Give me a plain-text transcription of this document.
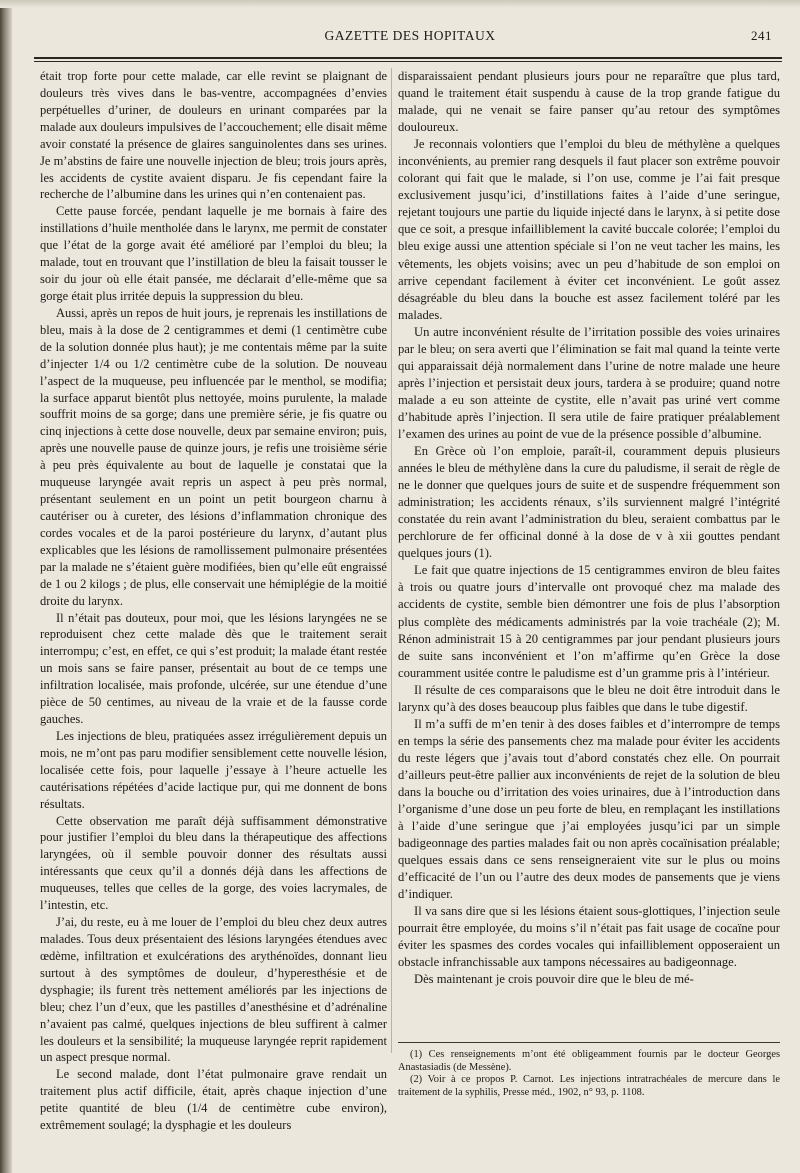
GAZETTE DES HOPITAUX	241

était trop forte pour cette malade, car elle revint se plaignant de douleurs très vives dans le bas-ventre, accompagnées d’envies perpétuelles d’uriner, de douleurs en urinant comparées par la malade aux douleurs impulsives de l’accouchement; elle disait même avoir constaté la présence de glaires sanguinolentes dans ses urines. Je m’abstins de faire une nouvelle injection de bleu; trois jours après, les accidents de cystite avaient disparu. Je fis cependant faire la recherche de l’albumine dans les urines qui n’en contenaient pas.

Cette pause forcée, pendant laquelle je me bornais à faire des instillations d’huile mentholée dans le larynx, me permit de constater que l’état de la gorge avait été amélioré par l’emploi du bleu; la malade, tout en trouvant que l’instillation de bleu la faisait tousser le soir du jour où elle était pansée, me déclarait d’elle-même que sa gorge était plus irritée depuis la suppression du bleu.

Aussi, après un repos de huit jours, je reprenais les instillations de bleu, mais à la dose de 2 centigrammes et demi (1 centimètre cube de la solution donnée plus haut); je me contentais même par la suite d’injecter 1/4 ou 1/2 centimètre cube de la solution. De nouveau l’aspect de la muqueuse, peu influencée par le menthol, se modifia; la surface apparut bientôt plus nettoyée, moins purulente, la malade souffrit moins de sa gorge; dans une première série, je fis quatre ou cinq injections à cette dose nouvelle, deux par semaine environ; puis, après une nouvelle pause de quinze jours, je refis une troisième série à peu près équivalente au bout de laquelle je constatai que la muqueuse laryngée avait repris un aspect à peu près normal, présentant seulement en un point un petit bourgeon charnu à cautériser ou à cureter, des lésions d’inflammation chronique des cordes vocales et de la paroi postérieure du larynx, d’autant plus explicables que les lésions de ramollissement pulmonaire présentées par la malade ne s’étaient guère modifiées, bien qu’elle eût engraissé de 1 ou 2 kilogs ; de plus, elle conservait une hémiplégie de la moitié droite du larynx.

Il n’était pas douteux, pour moi, que les lésions laryngées ne se reproduisent chez cette malade dès que le traitement serait interrompu; c’est, en effet, ce qui s’est produit; la malade étant restée un mois sans se faire panser, présentait au bout de ce temps une infiltration localisée, mais profonde, ulcérée, sur une étendue d’une pièce de 50 centimes, au niveau de la vraie et de la fausse corde gauches.

Les injections de bleu, pratiquées assez irrégulièrement depuis un mois, ne m’ont pas paru modifier sensiblement cette nouvelle lésion, localisée cette fois, pour laquelle j’essaye à l’heure actuelle les cautérisations répétées d’acide lactique pur, qui me donnent de bons résultats.

Cette observation me paraît déjà suffisamment démonstrative pour justifier l’emploi du bleu dans la thérapeutique des affections laryngées, où il semble pouvoir donner des résultats aussi intéressants que ceux qu’il a donnés déjà dans les affections de muqueuses, telles que celles de la gorge, des voies lacrymales, de l’intestin, etc.

J’ai, du reste, eu à me louer de l’emploi du bleu chez deux autres malades. Tous deux présentaient des lésions laryngées étendues avec œdème, infiltration et exulcérations des arythénoïdes, donnant lieu surtout à des symptômes de douleur, d’hyperesthésie et de dysphagie; ils furent très nettement améliorés par les injections de bleu; chez l’un d’eux, que les pastilles d’anesthésine et d’adrénaline n’avaient pas calmé, quelques injections de bleu suffirent à calmer les douleurs et la sensibilité; la muqueuse laryngée reprit rapidement un aspect presque normal.

Le second malade, dont l’état pulmonaire grave rendait un traitement plus actif difficile, était, après chaque injection d’une petite quantité de bleu (1/4 de centimètre cube environ), extrêmement soulagé; la dysphagie et les douleurs

disparaissaient pendant plusieurs jours pour ne reparaître que plus tard, quand le traitement était suspendu à cause de la trop grande fatigue du malade, qui ne venait se faire panser qu’au retour des symptômes douloureux.

Je reconnais volontiers que l’emploi du bleu de méthylène a quelques inconvénients, au premier rang desquels il faut placer son extrême pouvoir colorant qui fait que le malade, si l’on use, comme je l’ai fait presque exclusivement jusqu’ici, d’instillations faites à l’aide d’une seringue, rejetant toujours une partie du liquide injecté dans le larynx, à si petite dose que ce soit, a presque infailliblement la cavité buccale colorée; l’emploi du bleu exige aussi une attention spéciale si l’on ne veut tacher les mains, les vêtements, les objets voisins; avec un peu d’habitude de son emploi on arrive cependant facilement à éviter cet inconvénient. Le goût assez désagréable du bleu dans la bouche est assez facilement toléré par les malades.

Un autre inconvénient résulte de l’irritation possible des voies urinaires par le bleu; on sera averti que l’élimination se fait mal quand la teinte verte qui apparaissait déjà normalement dans l’urine de notre malade une heure après l’injection et persistait deux jours, tardera à se produire; quand notre malade a eu son atteinte de cystite, elle n’avait pas uriné vert comme d’habitude après l’injection. Il sera utile de faire pratiquer préalablement l’examen des urines au point de vue de la présence possible d’albumine.

En Grèce où l’on emploie, paraît-il, couramment depuis plusieurs années le bleu de méthylène dans la cure du paludisme, il serait de règle de ne le donner que quelques jours de suite et de suspendre fréquemment son administration; les accidents rénaux, s’ils surviennent malgré l’intégrité constatée du rein avant l’administration du bleu, seraient combattus par le perchlorure de fer officinal donné à la dose de v à xii gouttes pendant quelques jours (1).

Le fait que quatre injections de 15 centigrammes environ de bleu faites à trois ou quatre jours d’intervalle ont provoqué chez ma malade des accidents de cystite, semble bien démontrer une fois de plus l’absorption plus complète des médicaments administrés par la voie trachéale (2); M. Rénon administrait 15 à 20 centigrammes par jour pendant plusieurs jours de suite sans inconvénient et l’on m’affirme qu’en Grèce la dose couramment usitée contre le paludisme est d’un gramme pris à l’intérieur.

Il résulte de ces comparaisons que le bleu ne doit être introduit dans le larynx qu’à des doses beaucoup plus faibles que dans le tube digestif.

Il m’a suffi de m’en tenir à des doses faibles et d’interrompre de temps en temps la série des pansements chez ma malade pour éviter les accidents du reste légers que j’avais tout d’abord constatés chez elle. On pourrait d’ailleurs peut-être pallier aux inconvénients de rejet de la solution de bleu dans la bouche ou d’irritation des voies urinaires, due à l’introduction dans l’organisme d’une dose un peu forte de bleu, en remplaçant les instillations à l’aide d’une seringue que j’ai employées jusqu’ici par un simple badigeonnage des parties malades fait ou non après cocaïnisation préalable; quelques essais dans ce sens renseigneraient vite sur le plus ou moins d’efficacité de l’un ou l’autre des deux modes de pansements que je viens d’indiquer.

Il va sans dire que si les lésions étaient sous-glottiques, l’injection seule pourrait être employée, du moins s’il n’était pas fait usage de cocaïne pour éviter les spasmes des cordes vocales qui infailliblement opposeraient un obstacle infranchissable aux tampons nécessaires au badigeonnage.

Dès maintenant je crois pouvoir dire que le bleu de mé-

(1) Ces renseignements m’ont été obligeamment fournis par le docteur Georges Anastasiadis (de Messène).

(2) Voir à ce propos P. Carnot. Les injections intratrachéales de mercure dans le traitement de la syphilis, Presse méd., 1902, n° 93, p. 1108.
